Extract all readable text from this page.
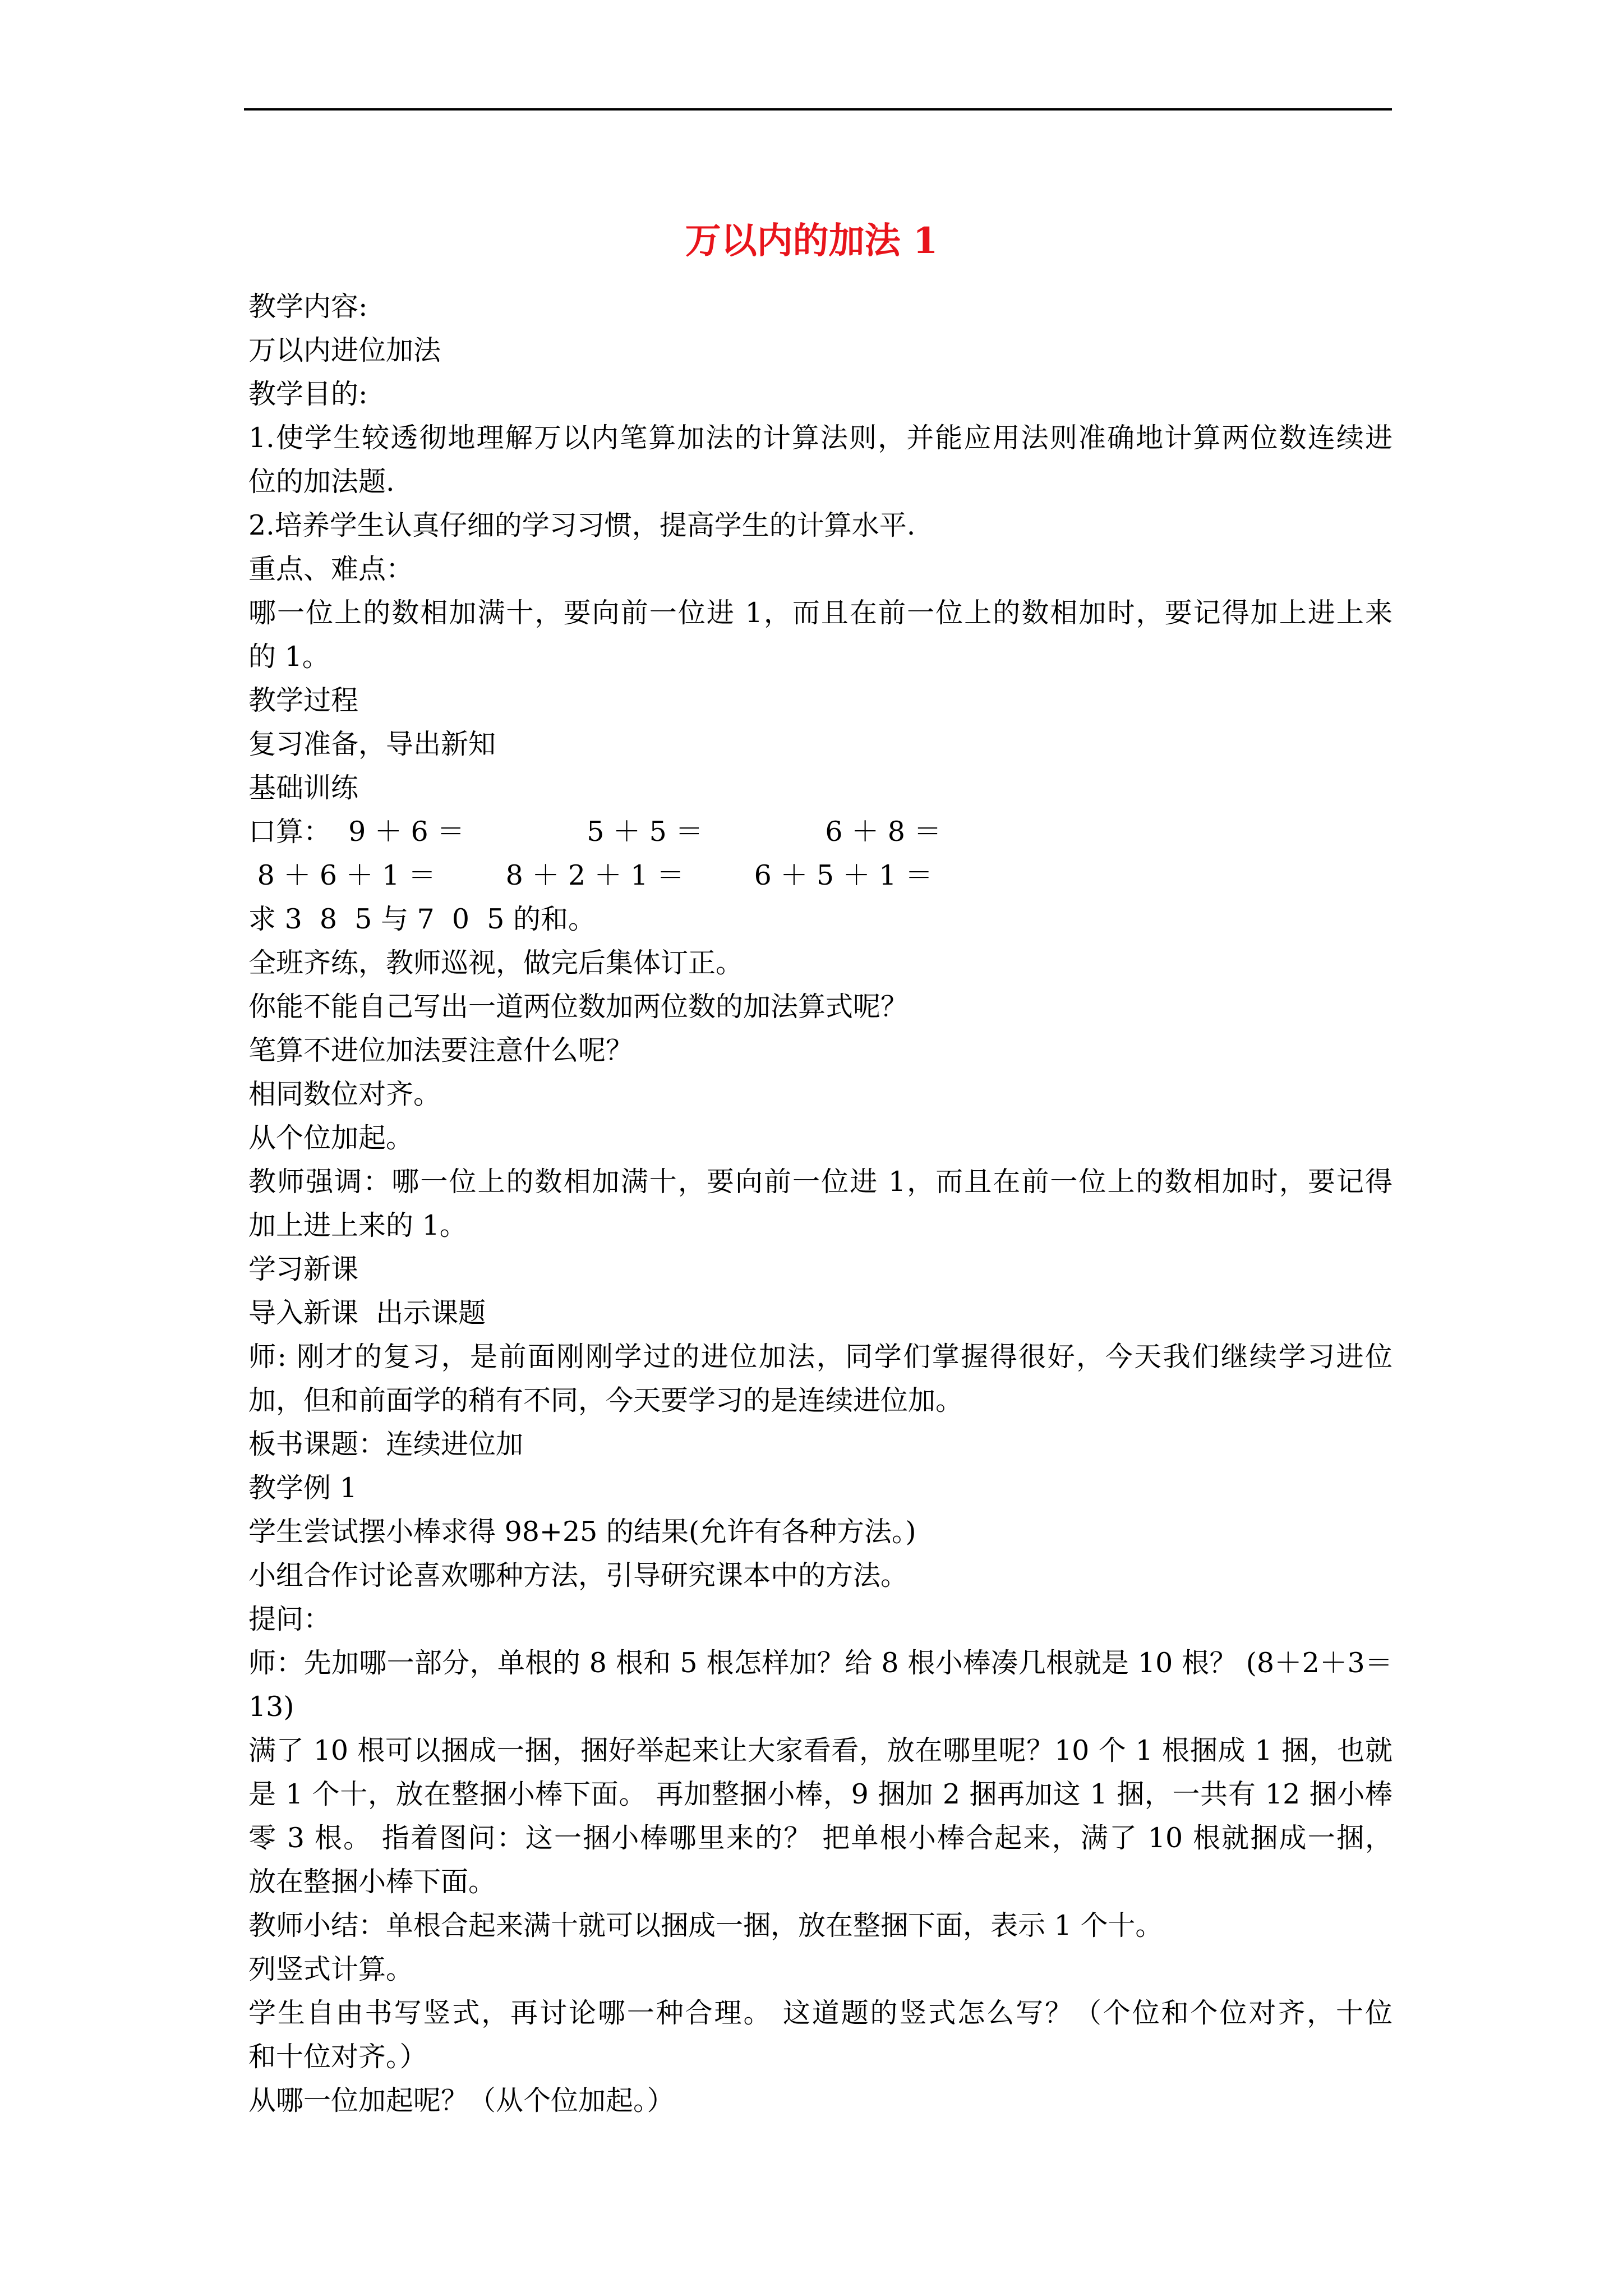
万以内的加法 1
教学内容:
万以内进位加法
教学目的:
1.使学生较透彻地理解万以内笔算加法的计算法则，并能应用法则准确地计算两位数连续进
位的加法题.
2.培养学生认真仔细的学习习惯，提高学生的计算水平.
重点、难点：
哪一位上的数相加满十，要向前一位进 1，而且在前一位上的数相加时，要记得加上进上来
的 1。
教学过程
复习准备，导出新知
基础训练
口算：  9 ＋ 6 ＝              5 ＋ 5 ＝              6 ＋ 8 ＝
8 ＋ 6 ＋ 1 ＝        8 ＋ 2 ＋ 1 ＝        6 ＋ 5 ＋ 1 ＝
求 3  8  5 与 7  0  5 的和。
全班齐练，教师巡视，做完后集体订正。
你能不能自己写出一道两位数加两位数的加法算式呢？
笔算不进位加法要注意什么呢？
相同数位对齐。
从个位加起。
教师强调：哪一位上的数相加满十，要向前一位进 1，而且在前一位上的数相加时，要记得
加上进上来的 1。
学习新课
导入新课  出示课题
师: 刚才的复习，是前面刚刚学过的进位加法，同学们掌握得很好，今天我们继续学习进位
加，但和前面学的稍有不同，今天要学习的是连续进位加。
板书课题：连续进位加
教学例 1
学生尝试摆小棒求得 98+25 的结果(允许有各种方法。)
小组合作讨论喜欢哪种方法，引导研究课本中的方法。
提问：
师：先加哪一部分，单根的 8 根和 5 根怎样加？给 8 根小棒凑几根就是 10 根？ (8＋2＋3＝
13)
满了 10 根可以捆成一捆，捆好举起来让大家看看，放在哪里呢？10 个 1 根捆成 1 捆，也就
是 1 个十，放在整捆小棒下面。 再加整捆小棒，9 捆加 2 捆再加这 1 捆，一共有 12 捆小棒
零 3 根。 指着图问：这一捆小棒哪里来的？ 把单根小棒合起来，满了 10 根就捆成一捆，
放在整捆小棒下面。
教师小结：单根合起来满十就可以捆成一捆，放在整捆下面，表示 1 个十。
列竖式计算。
学生自由书写竖式，再讨论哪一种合理。 这道题的竖式怎么写？（个位和个位对齐，十位
和十位对齐。）
从哪一位加起呢？（从个位加起。）
